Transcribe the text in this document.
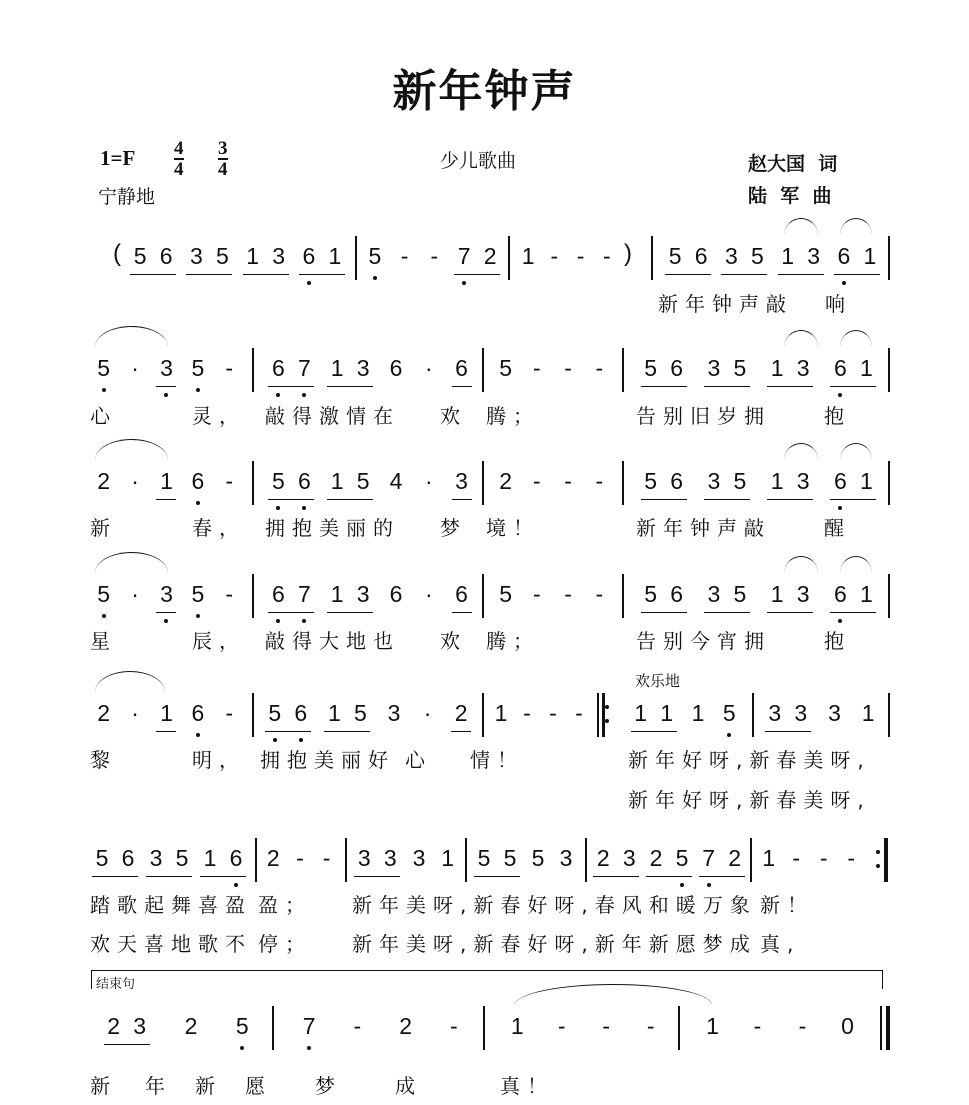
新年钟声
$1=F \frac{4}{4} \frac{3}{4}$	少儿歌曲
宁静地
赵大国  词
陆  军  曲
5 6 3 5 1 3 6 1 5 - - 7 2 1 - - -	5 6 3 5 1 3 6 1
(	)
新年钟声敲 响
5 · 3 5 - 6 7 1 3 6 · 6 5 - - - 5 6 3 5 1 3 6 1
心	灵， 敲得激情在 欢 腾；	告别旧岁拥	抱
2 · 1 6 - 5 6 1 5 4 · 3 2 - - - 5 6 3 5 1 3 6 1
新	春， 拥抱美丽的 梦 境！	新年钟声敲	醒
5 · 3 5 - 6 7 1 3 6 · 6 5 - - - 5 6 3 5 1 3 6 1
星	辰， 敲得大地也 欢 腾；	告别今宵拥	抱
2 · 1 6 - 5 6 1 5 3 · 2 1 - - - 1 1 1 5 3 3 3 1
黎	明， 拥抱美丽好 心 情！	新年好呀,新春美呀,
新年好呀,新春美呀,
5 6 3 5 1 6 2 - - 3 3 3 1 5 5 5 3 2 3 2 5 7 2 1 - - -
踏歌起舞喜盈 盈； 新年美呀,新春好呀,春风和暖万象 新！
欢天喜地歌不 停； 新年美呀,新春好呀,新年新愿梦成 真,
2 3 2 5 7 - 2 - 1 - - - 1 - - 0
新 年 新 愿 梦	成	真！
欢乐地
结束句
